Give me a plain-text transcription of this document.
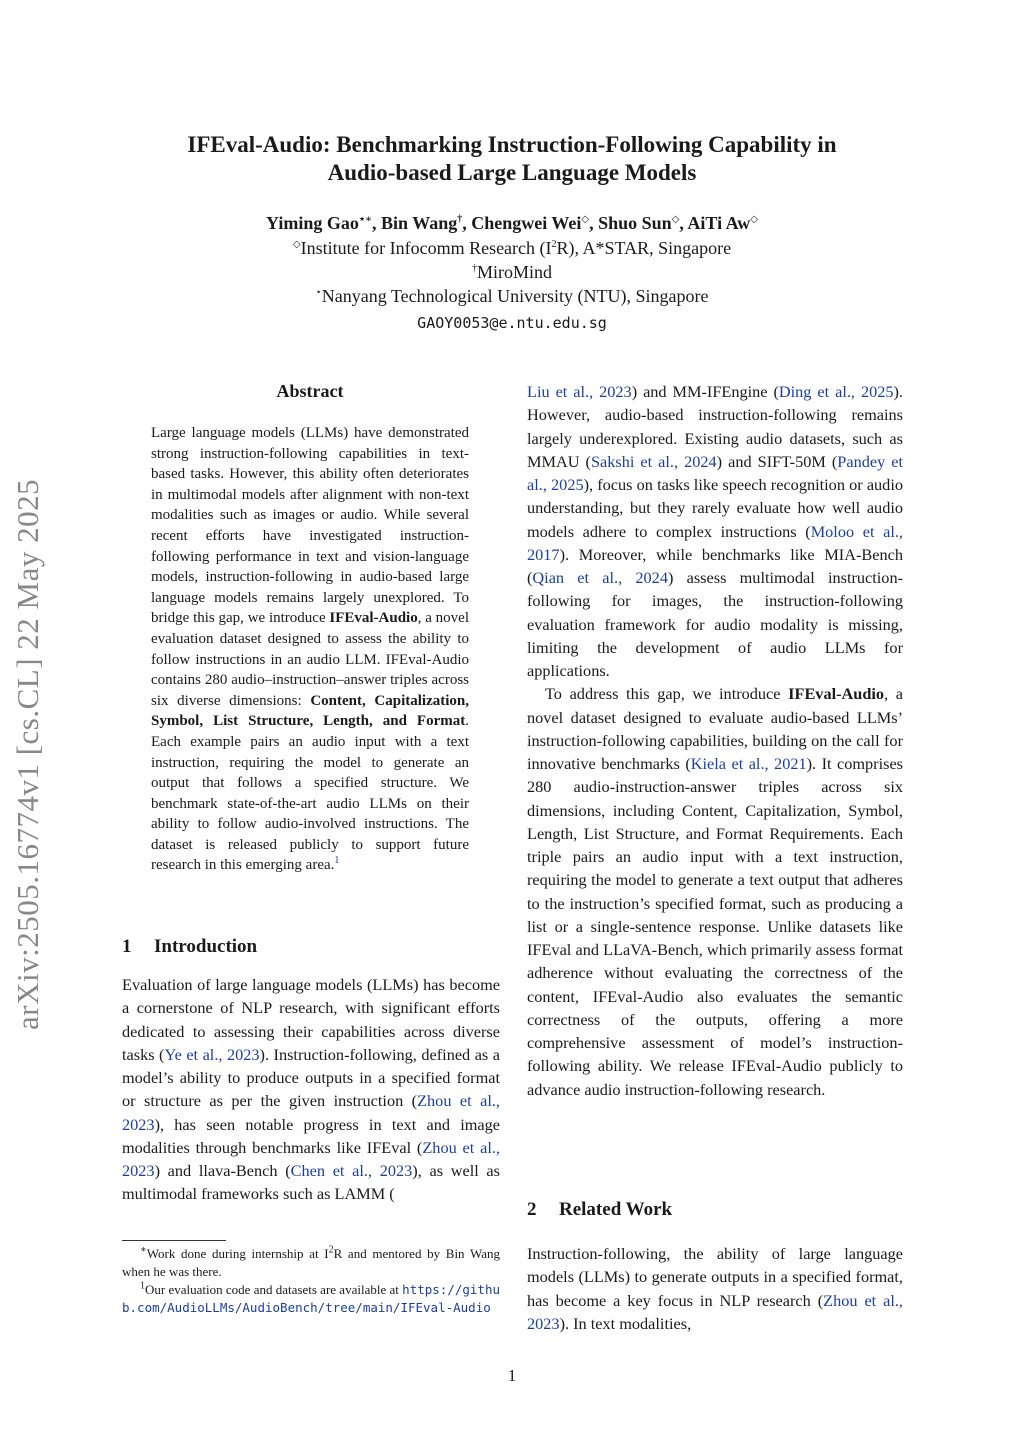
arXiv:2505.16774v1 [cs.CL] 22 May 2025
IFEval-Audio: Benchmarking Instruction-Following Capability in
Audio-based Large Language Models
Yiming Gao⋆∗, Bin Wang†, Chengwei Wei◇, Shuo Sun◇, AiTi Aw◇
◇Institute for Infocomm Research $(I^2R)$, A*STAR, Singapore
†MiroMind
⋆Nanyang Technological University (NTU), Singapore
GAOY0053@e.ntu.edu.sg
Abstract
Large language models (LLMs) have demonstrated strong instruction-following capabilities in text-based tasks. However, this ability often deteriorates in multimodal models after alignment with non-text modalities such as images or audio. While several recent efforts have investigated instruction-following performance in text and vision-language models, instruction-following in audio-based large language models remains largely unexplored. To bridge this gap, we introduce IFEval-Audio, a novel evaluation dataset designed to assess the ability to follow instructions in an audio LLM. IFEval-Audio contains 280 audio–instruction–answer triples across six diverse dimensions: Content, Capitalization, Symbol, List Structure, Length, and Format. Each example pairs an audio input with a text instruction, requiring the model to generate an output that follows a specified structure. We benchmark state-of-the-art audio LLMs on their ability to follow audio-involved instructions. The dataset is released publicly to support future research in this emerging area.$^1$
1 Introduction
Evaluation of large language models (LLMs) has become a cornerstone of NLP research, with significant efforts dedicated to assessing their capabilities across diverse tasks (Ye et al., 2023). Instruction-following, defined as a model’s ability to produce outputs in a specified format or structure as per the given instruction (Zhou et al., 2023), has seen notable progress in text and image modalities through benchmarks like IFEval (Zhou et al., 2023) and llava-Bench (Chen et al., 2023), as well as multimodal frameworks such as LAMM (

∗Work done during internship at $I^2R$ and mentored by Bin Wang when he was there.

$^1$Our evaluation code and datasets are available at https://github.com/AudioLLMs/AudioBench/tree/main/IFEval-Audio

Liu et al., 2023) and MM-IFEngine (Ding et al., 2025). However, audio-based instruction-following remains largely underexplored. Existing audio datasets, such as MMAU (Sakshi et al., 2024) and SIFT-50M (Pandey et al., 2025), focus on tasks like speech recognition or audio understanding, but they rarely evaluate how well audio models adhere to complex instructions (Moloo et al., 2017). Moreover, while benchmarks like MIA-Bench (Qian et al., 2024) assess multimodal instruction-following for images, the instruction-following evaluation framework for audio modality is missing, limiting the development of audio LLMs for applications.

To address this gap, we introduce IFEval-Audio, a novel dataset designed to evaluate audio-based LLMs’ instruction-following capabilities, building on the call for innovative benchmarks (Kiela et al., 2021). It comprises 280 audio-instruction-answer triples across six dimensions, including Content, Capitalization, Symbol, Length, List Structure, and Format Requirements. Each triple pairs an audio input with a text instruction, requiring the model to generate a text output that adheres to the instruction’s specified format, such as producing a list or a single-sentence response. Unlike datasets like IFEval and LLaVA-Bench, which primarily assess format adherence without evaluating the correctness of the content, IFEval-Audio also evaluates the semantic correctness of the outputs, offering a more comprehensive assessment of model’s instruction-following ability. We release IFEval-Audio publicly to advance audio instruction-following research.

2 Related Work
Instruction-following, the ability of large language models (LLMs) to generate outputs in a specified format, has become a key focus in NLP research (Zhou et al., 2023). In text modalities,
1
